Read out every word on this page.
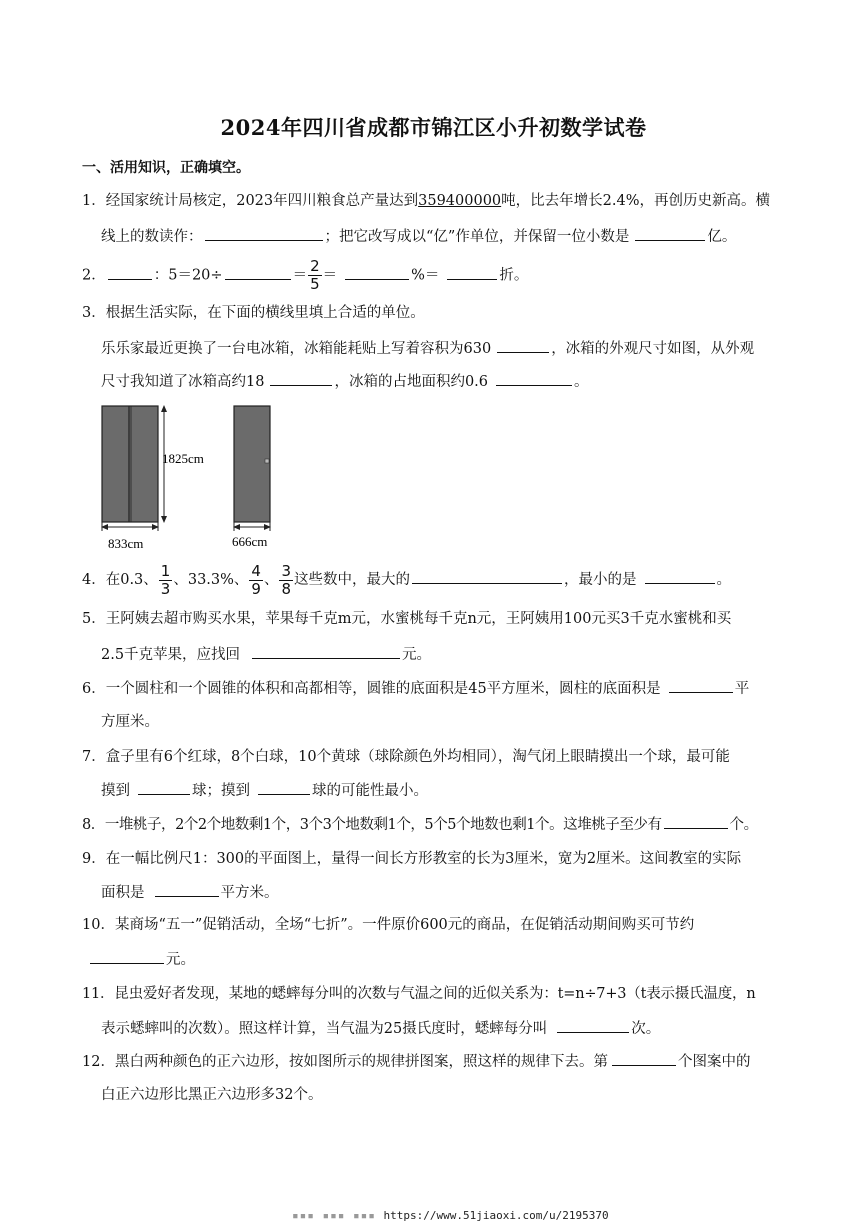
2024年四川省成都市锦江区小升初数学试卷
一、活用知识，正确填空。
1．经国家统计局核定，2023年四川粮食总产量达到359400000吨，比去年增长2.4%，再创历史新高。横
线上的数读作：	；把它改写成以“亿”作单位，并保留一位小数是	亿。
2．	：5＝20÷	＝ $\frac{2}{5}$ ＝	%＝	折。
3．根据生活实际，在下面的横线里填上合适的单位。
乐乐家最近更换了一台电冰箱，冰箱能耗贴上写着容积为630	，冰箱的外观尺寸如图，从外观
尺寸我知道了冰箱高约18	，冰箱的占地面积约0.6	。
1825cm
833cm	666cm
4．在0.3、 $\frac{1}{3}$ 、33.3%、 $\frac{4}{9}$ 、 $\frac{3}{8}$ 这些数中，最大的	，最小的是	。
5．王阿姨去超市购买水果，苹果每千克m元，水蜜桃每千克n元，王阿姨用100元买3千克水蜜桃和买
2.5千克苹果，应找回	元。
6．一个圆柱和一个圆锥的体积和高都相等，圆锥的底面积是45平方厘米，圆柱的底面积是	平
方厘米。
7．盒子里有6个红球，8个白球，10个黄球（球除颜色外均相同），淘气闭上眼睛摸出一个球，最可能
摸到	球；摸到	球的可能性最小。
8．一堆桃子，2个2个地数剩1个，3个3个地数剩1个，5个5个地数也剩1个。这堆桃子至少有	个。
9．在一幅比例尺1：300的平面图上，量得一间长方形教室的长为3厘米，宽为2厘米。这间教室的实际
面积是	平方米。
10．某商场“五一”促销活动，全场“七折”。一件原价600元的商品，在促销活动期间购买可节约
元。
11．昆虫爱好者发现，某地的蟋蟀每分叫的次数与气温之间的近似关系为：t=n÷7+3（t表示摄氏温度，n
表示蟋蟀叫的次数）。照这样计算，当气温为25摄氏度时，蟋蟀每分叫	次。
12．黑白两种颜色的正六边形，按如图所示的规律拼图案，照这样的规律下去。第	个图案中的
白正六边形比黑正六边形多32个。
▪▪▪ ▪▪▪ ▪▪▪ https://www.51jiaoxi.com/u/2195370
